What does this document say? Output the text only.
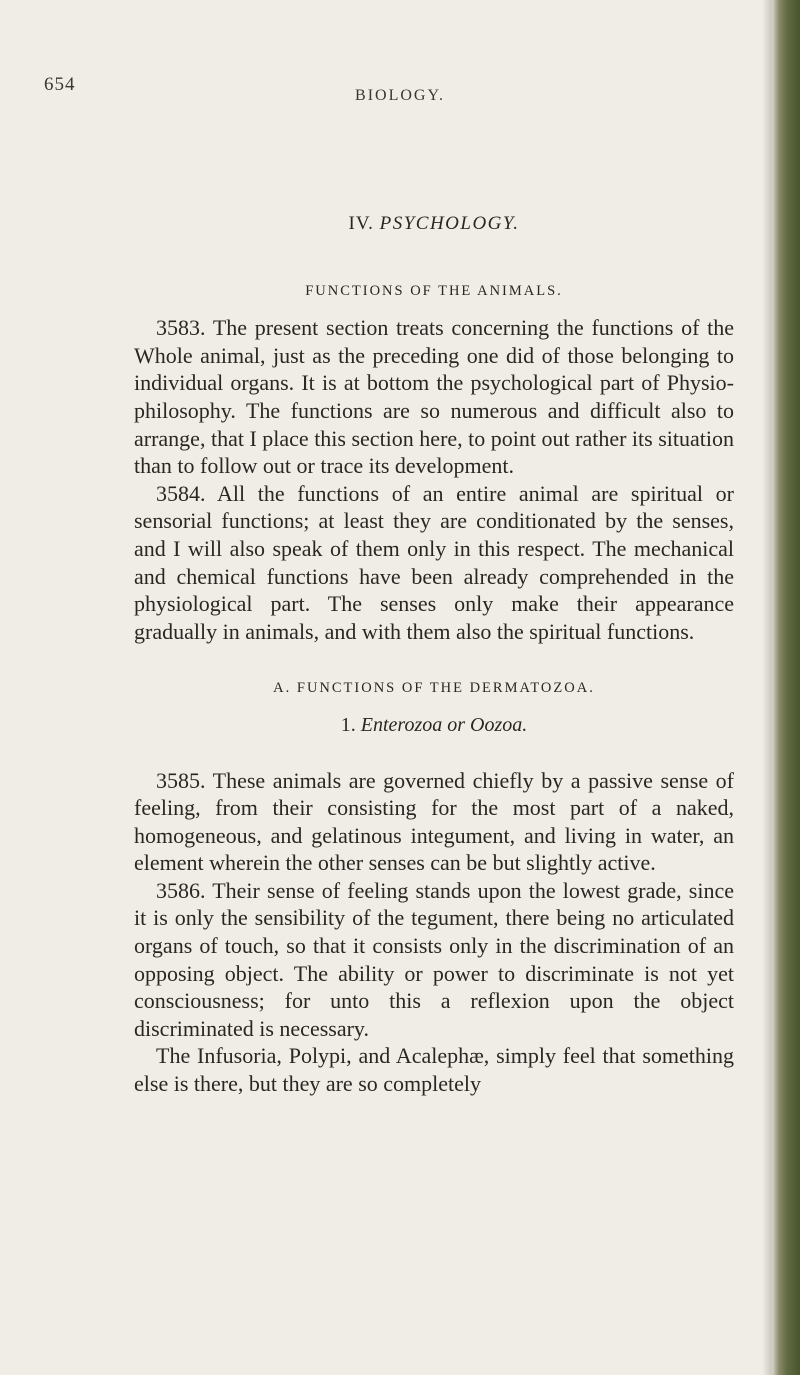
654
BIOLOGY.
IV. PSYCHOLOGY.
FUNCTIONS OF THE ANIMALS.

3583. The present section treats concerning the functions of the Whole animal, just as the preceding one did of those belonging to individual organs. It is at bottom the psychological part of Physio-philosophy. The functions are so numerous and difficult also to arrange, that I place this section here, to point out rather its situation than to follow out or trace its development.

3584. All the functions of an entire animal are spiritual or sensorial functions; at least they are conditionated by the senses, and I will also speak of them only in this respect. The mechanical and chemical functions have been already comprehended in the physiological part. The senses only make their appearance gradually in animals, and with them also the spiritual functions.

A. FUNCTIONS OF THE DERMATOZOA.
1. Enterozoa or Oozoa.

3585. These animals are governed chiefly by a passive sense of feeling, from their consisting for the most part of a naked, homogeneous, and gelatinous integument, and living in water, an element wherein the other senses can be but slightly active.

3586. Their sense of feeling stands upon the lowest grade, since it is only the sensibility of the tegument, there being no articulated organs of touch, so that it consists only in the discrimination of an opposing object. The ability or power to discriminate is not yet consciousness; for unto this a reflexion upon the object discriminated is necessary.

The Infusoria, Polypi, and Acalephæ, simply feel that something else is there, but they are so completely
